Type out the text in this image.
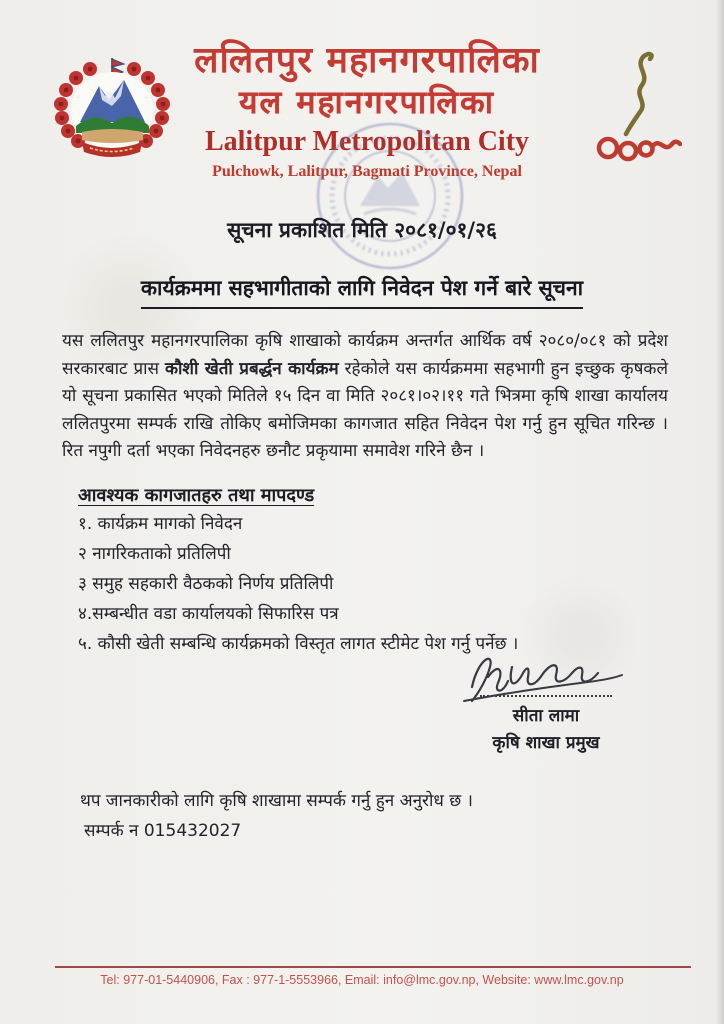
ललितपुर महानगरपालिका
यल महानगरपालिका
Lalitpur Metropolitan City
Pulchowk, Lalitpur, Bagmati Province, Nepal
सूचना प्रकाशित मिति २०८१/०१/२६
कार्यक्रममा सहभागीताको लागि निवेदन पेश गर्ने बारे सूचना

यस ललितपुर महानगरपालिका कृषि शाखाको कार्यक्रम अन्तर्गत आर्थिक वर्ष २०८०/०८१ को प्रदेश सरकारबाट प्रास कौशी खेती प्रबर्द्धन कार्यक्रम रहेकोले यस कार्यक्रममा सहभागी हुन इच्छुक कृषकले यो सूचना प्रकासित भएको मितिले १५ दिन वा मिति २०८१।०२।११ गते भित्रमा कृषि शाखा कार्यालय ललितपुरमा सम्पर्क राखि तोकिए बमोजिमका कागजात सहित निवेदन पेश गर्नु हुन सूचित गरिन्छ । रित नपुगी दर्ता भएका निवेदनहरु छनौट प्रकृयामा समावेश गरिने छैन ।

आवश्यक कागजातहरु तथा मापदण्ड
१. कार्यक्रम मागको निवेदन
२ नागरिकताको प्रतिलिपी
३ समुह सहकारी वैठकको निर्णय प्रतिलिपी
४.सम्बन्धीत वडा कार्यालयको सिफारिस पत्र
५. कौसी खेती सम्बन्धि कार्यक्रमको विस्तृत लागत स्टीमेट पेश गर्नु पर्नेछ ।
सीता लामा
कृषि शाखा प्रमुख
थप जानकारीको लागि कृषि शाखामा सम्पर्क गर्नु हुन अनुरोध छ ।
सम्पर्क न 015432027
Tel: 977-01-5440906, Fax : 977-1-5553966, Email: info@lmc.gov.np, Website: www.lmc.gov.np
